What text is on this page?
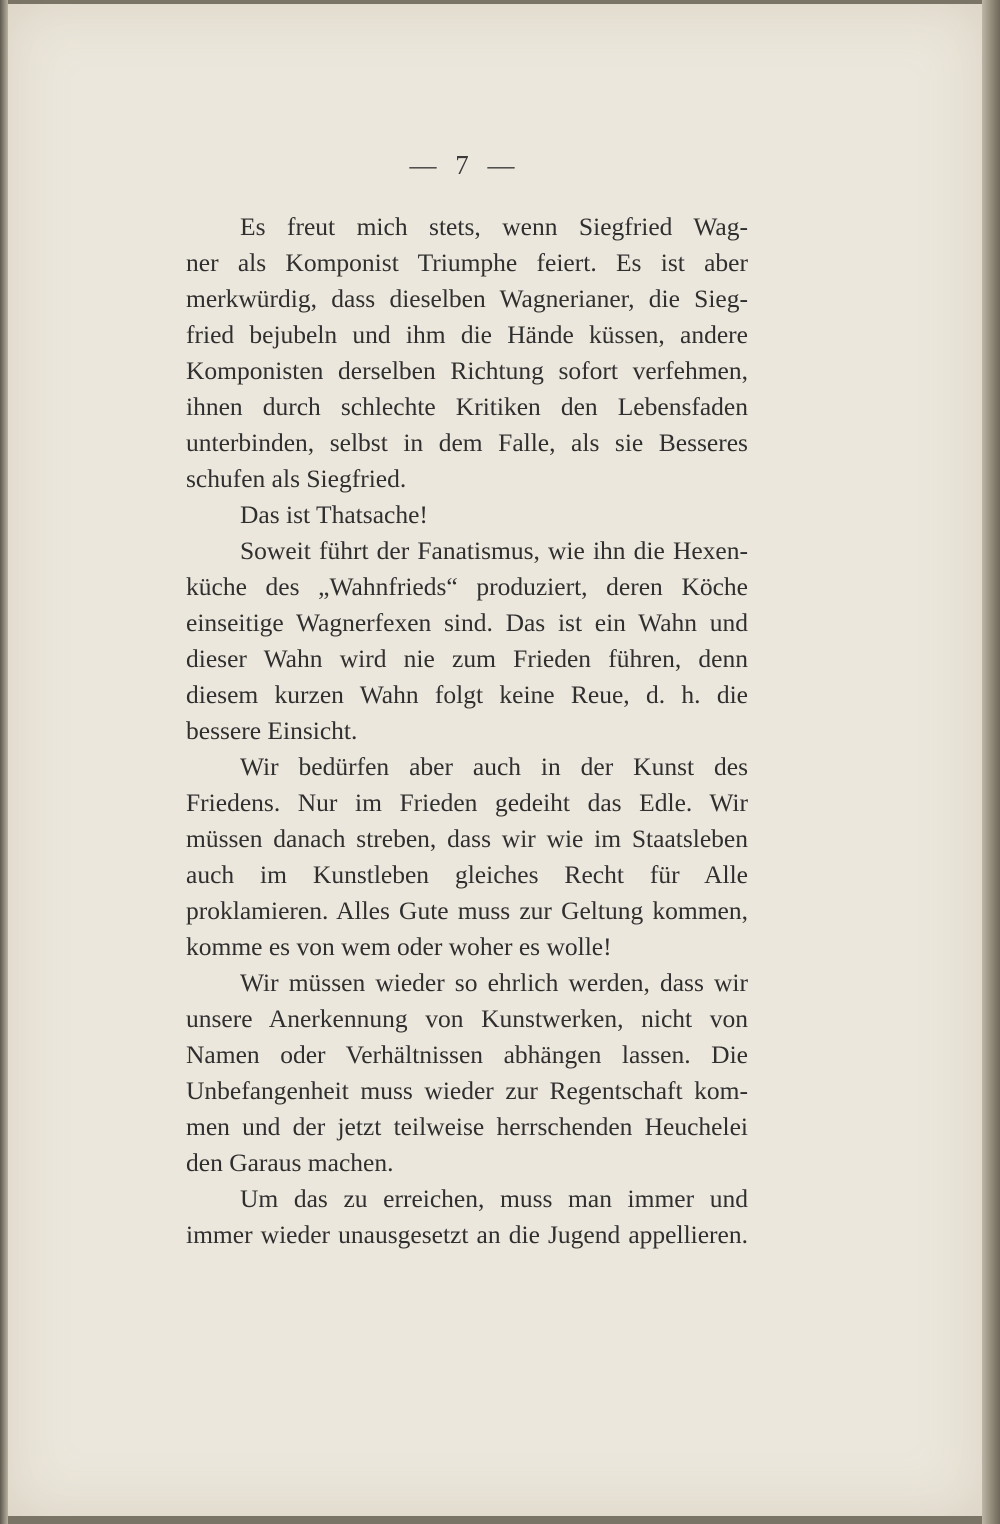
— 7 —
Es freut mich stets, wenn Siegfried Wag-
ner als Komponist Triumphe feiert. Es ist aber
merkwürdig, dass dieselben Wagnerianer, die Sieg-
fried bejubeln und ihm die Hände küssen, andere
Komponisten derselben Richtung sofort verfehmen,
ihnen durch schlechte Kritiken den Lebensfaden
unterbinden, selbst in dem Falle, als sie Besseres
schufen als Siegfried.
Das ist Thatsache!
Soweit führt der Fanatismus, wie ihn die Hexen-
küche des „Wahnfrieds“ produziert, deren Köche
einseitige Wagnerfexen sind. Das ist ein Wahn und
dieser Wahn wird nie zum Frieden führen, denn
diesem kurzen Wahn folgt keine Reue, d. h. die
bessere Einsicht.
Wir bedürfen aber auch in der Kunst des
Friedens. Nur im Frieden gedeiht das Edle. Wir
müssen danach streben, dass wir wie im Staatsleben
auch im Kunstleben gleiches Recht für Alle
proklamieren. Alles Gute muss zur Geltung kommen,
komme es von wem oder woher es wolle!
Wir müssen wieder so ehrlich werden, dass wir
unsere Anerkennung von Kunstwerken, nicht von
Namen oder Verhältnissen abhängen lassen. Die
Unbefangenheit muss wieder zur Regentschaft kom-
men und der jetzt teilweise herrschenden Heuchelei
den Garaus machen.
Um das zu erreichen, muss man immer und
immer wieder unausgesetzt an die Jugend appellieren.
